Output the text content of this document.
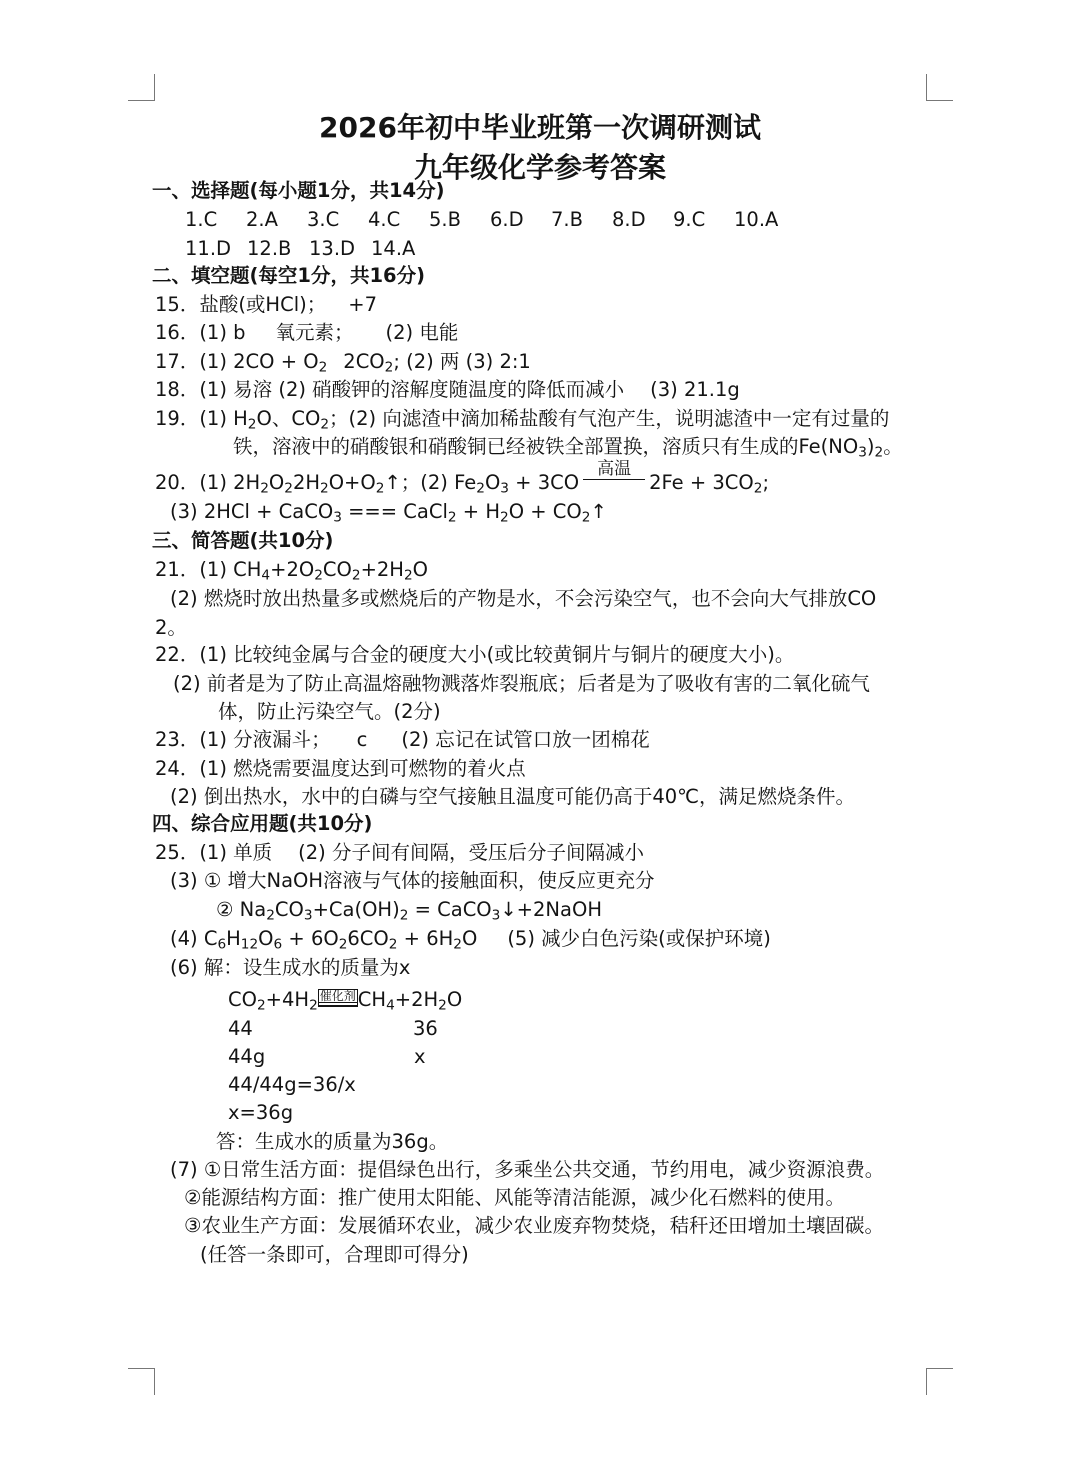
2026年初中毕业班第一次调研测试
九年级化学参考答案
一、选择题(每小题1分，共14分)
1.C 2.A 3.C 4.C 5.B 6.D 7.B 8.D 9.C 10.A
11.D 12.B 13.D 14.A
二、填空题(每空1分，共16分)
15．盐酸(或HCl)； +7
16．(1) b 氧元素； (2) 电能
17．(1) $2CO + O_2$ $2CO_2$; (2) 两 (3) 2:1
18．(1) 易溶 (2) 硝酸钾的溶解度随温度的降低而减小 (3) 21.1g
19．(1) $H_2O$、$CO_2$；(2) 向滤渣中滴加稀盐酸有气泡产生，说明滤渣中一定有过量的
铁，溶液中的硝酸银和硝酸铜已经被铁全部置换，溶质只有生成的$Fe(NO_3)_2$。
20．(1) $2H_2O_22H_2O+O_2↑$；(2) $Fe_2O_3 + 3CO$
高温
$2Fe + 3CO_2$;
(3) 2HCl + CaCO$_3$ === CaCl$_2$ + $H_2O$ + $CO_2↑$
三、简答题(共10分)
21．(1) $CH_4+2O_2CO_2+2H_2O$
(2) 燃烧时放出热量多或燃烧后的产物是水，不会污染空气，也不会向大气排放CO
2。
22．(1) 比较纯金属与合金的硬度大小(或比较黄铜片与铜片的硬度大小)。
(2) 前者是为了防止高温熔融物溅落炸裂瓶底；后者是为了吸收有害的二氧化硫气
体，防止污染空气。(2分)
23．(1) 分液漏斗； c (2) 忘记在试管口放一团棉花
24．(1) 燃烧需要温度达到可燃物的着火点
(2) 倒出热水，水中的白磷与空气接触且温度可能仍高于40℃，满足燃烧条件。
四、综合应用题(共10分)
25．(1) 单质 (2) 分子间有间隔，受压后分子间隔减小
(3) ① 增大NaOH溶液与气体的接触面积，使反应更充分
② $Na_2CO_3+Ca(OH)_2$ = CaCO$_3$↓+2NaOH
(4) $C_6H_{12}O_6 + 6O_26CO_2 + 6H_2O$ (5) 减少白色污染(或保护环境)
(6) 解：设生成水的质量为x
$CO_2+4H_2$催化剂 $CH_4+2H_2O$
44	36
44g	x
44/44g=36/x
x=36g
答：生成水的质量为36g。
(7) ①日常生活方面：提倡绿色出行，多乘坐公共交通，节约用电，减少资源浪费。
②能源结构方面：推广使用太阳能、风能等清洁能源，减少化石燃料的使用。
③农业生产方面：发展循环农业，减少农业废弃物焚烧，秸秆还田增加土壤固碳。
(任答一条即可，合理即可得分)
